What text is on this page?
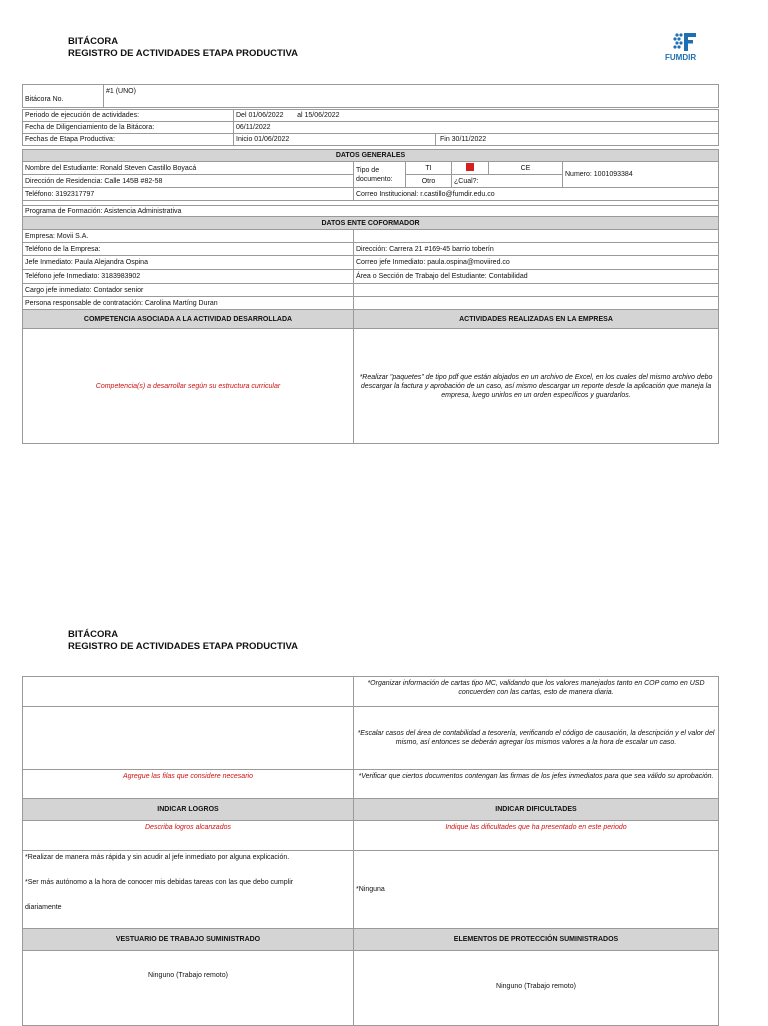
BITÁCORA
REGISTRO DE ACTIVIDADES ETAPA PRODUCTIVA	FUMDIR
Bitácora No.	#1 (UNO)
Periodo de ejecución de actividades:	Del 01/06/2022 al 15/06/2022	
Fecha de Diligenciamiento de la Bitácora:	06/11/2022	
Fechas de Etapa Productiva:	Inicio 01/06/2022	Fin 30/11/2022
DATOS GENERALES					
Nombre del Estudiante: Ronald Steven Castillo Boyacá	Tipo de documento:	TI		CE	Numero: 1001093384
Dirección de Residencia: Calle 145B #82-58		Otro	¿Cual?:		
Teléfono: 3192317797	Correo Institucional: r.castillo@fumdir.edu.co				

Programa de Formación: Asistencia Administrativa					

DATOS ENTE COFORMADOR	
Empresa: Movii S.A.	
Teléfono de la Empresa:	Dirección: Carrera 21 #169-45 barrio toberín
Jefe Inmediato: Paula Alejandra Ospina	Correo jefe Inmediato: paula.ospina@moviired.co
Teléfono jefe Inmediato: 3183983902	Área o Sección de Trabajo del Estudiante: Contabilidad
Cargo jefe inmediato: Contador senior	
Persona responsable de contratación: Carolina Martíng Duran	
COMPETENCIA ASOCIADA A LA ACTIVIDAD DESARROLLADA	ACTIVIDADES REALIZADAS EN LA EMPRESA
Competencia(s) a desarrollar según su estructura curricular	*Realizar "paquetes" de tipo pdf que están alojados en un archivo de Excel, en los cuales del mismo archivo debo descargar la factura y aprobación de un caso, así mismo descargar un reporte desde la aplicación que maneja la empresa, luego unirlos en un orden específicos y guardarlos.
BITÁCORA
REGISTRO DE ACTIVIDADES ETAPA PRODUCTIVA
	*Organizar información de cartas tipo MC, validando que los valores manejados tanto en COP como en USD concuerden con las cartas, esto de manera diaria.
	*Escalar casos del área de contabilidad a tesorería, verificando el código de causación, la descripción y el valor del mismo, así entonces se deberán agregar los mismos valores a la hora de escalar un caso.
Agregue las filas que considere necesario	*Verificar que ciertos documentos contengan las firmas de los jefes inmediatos para que sea válido su aprobación.
INDICAR LOGROS	INDICAR DIFICULTADES
Describa logros alcanzados	Indique las dificultades que ha presentado en este periodo

*Realizar de manera más rápida y sin acudir al jefe inmediato por alguna explicación.
*Ser más autónomo a la hora de conocer mis debidas tareas con las que debo cumplir
diariamente	*Ninguna
VESTUARIO DE TRABAJO SUMINISTRADO	ELEMENTOS DE PROTECCIÓN SUMINISTRADOS
Ninguno (Trabajo remoto)	Ninguno (Trabajo remoto)
